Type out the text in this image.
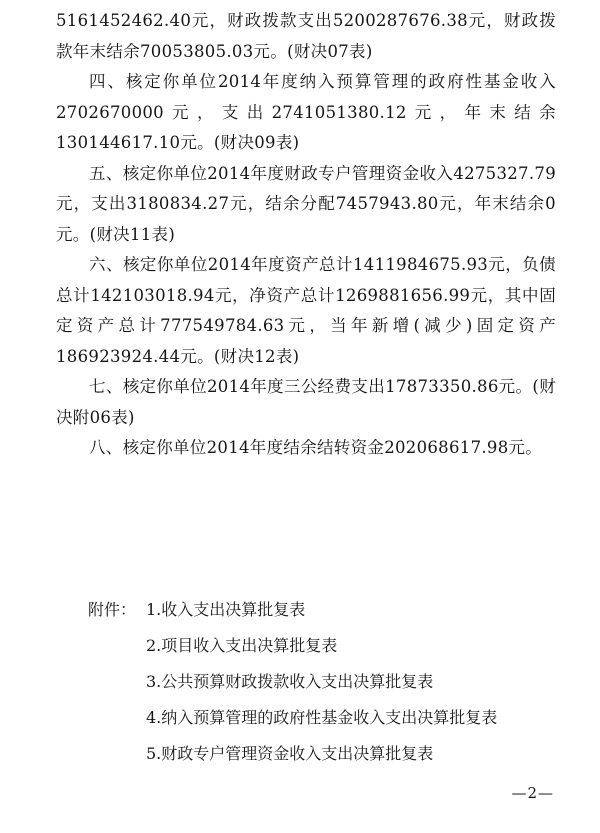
5161452462.40元，财政拨款支出5200287676.38元，财政拨款年末结余70053805.03元。(财决07表)

四、核定你单位2014年度纳入预算管理的政府性基金收入2702670000元，支出2741051380.12元，年末结余130144617.10元。(财决09表)

五、核定你单位2014年度财政专户管理资金收入4275327.79元，支出3180834.27元，结余分配7457943.80元，年末结余0元。(财决11表)

六、核定你单位2014年度资产总计1411984675.93元，负债总计142103018.94元，净资产总计1269881656.99元，其中固定资产总计777549784.63元，当年新增(减少)固定资产186923924.44元。(财决12表)

七、核定你单位2014年度三公经费支出17873350.86元。(财决附06表)

八、核定你单位2014年度结余结转资金202068617.98元。

附件： 1.收入支出决算批复表
2.项目收入支出决算批复表
3.公共预算财政拨款收入支出决算批复表
4.纳入预算管理的政府性基金收入支出决算批复表
5.财政专户管理资金收入支出决算批复表
—2—
